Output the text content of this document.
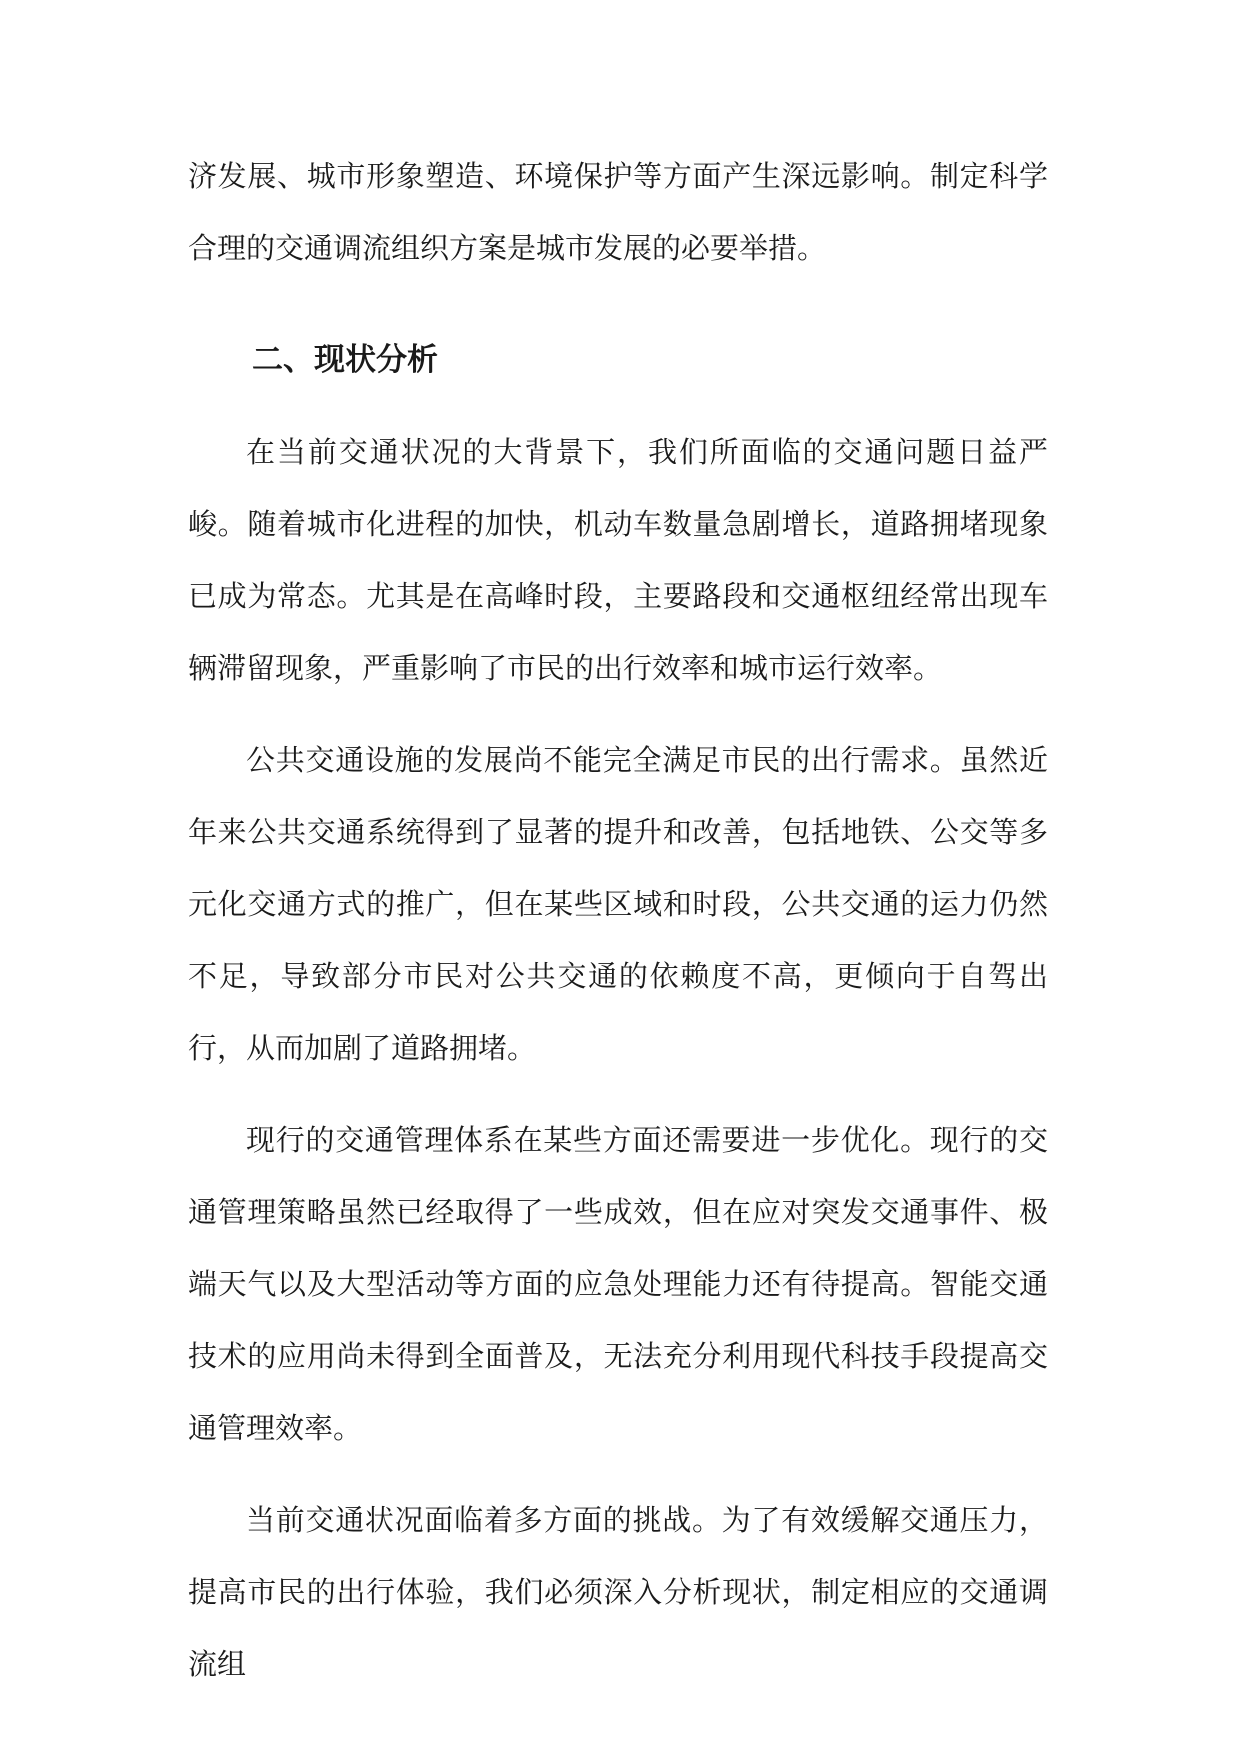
济发展、城市形象塑造、环境保护等方面产生深远影响。制定科学合理的交通调流组织方案是城市发展的必要举措。

二、现状分析

在当前交通状况的大背景下，我们所面临的交通问题日益严峻。随着城市化进程的加快，机动车数量急剧增长，道路拥堵现象已成为常态。尤其是在高峰时段，主要路段和交通枢纽经常出现车辆滞留现象，严重影响了市民的出行效率和城市运行效率。

公共交通设施的发展尚不能完全满足市民的出行需求。虽然近年来公共交通系统得到了显著的提升和改善，包括地铁、公交等多元化交通方式的推广，但在某些区域和时段，公共交通的运力仍然不足，导致部分市民对公共交通的依赖度不高，更倾向于自驾出行，从而加剧了道路拥堵。

现行的交通管理体系在某些方面还需要进一步优化。现行的交通管理策略虽然已经取得了一些成效，但在应对突发交通事件、极端天气以及大型活动等方面的应急处理能力还有待提高。智能交通技术的应用尚未得到全面普及，无法充分利用现代科技手段提高交通管理效率。

当前交通状况面临着多方面的挑战。为了有效缓解交通压力，提高市民的出行体验，我们必须深入分析现状，制定相应的交通调流组
